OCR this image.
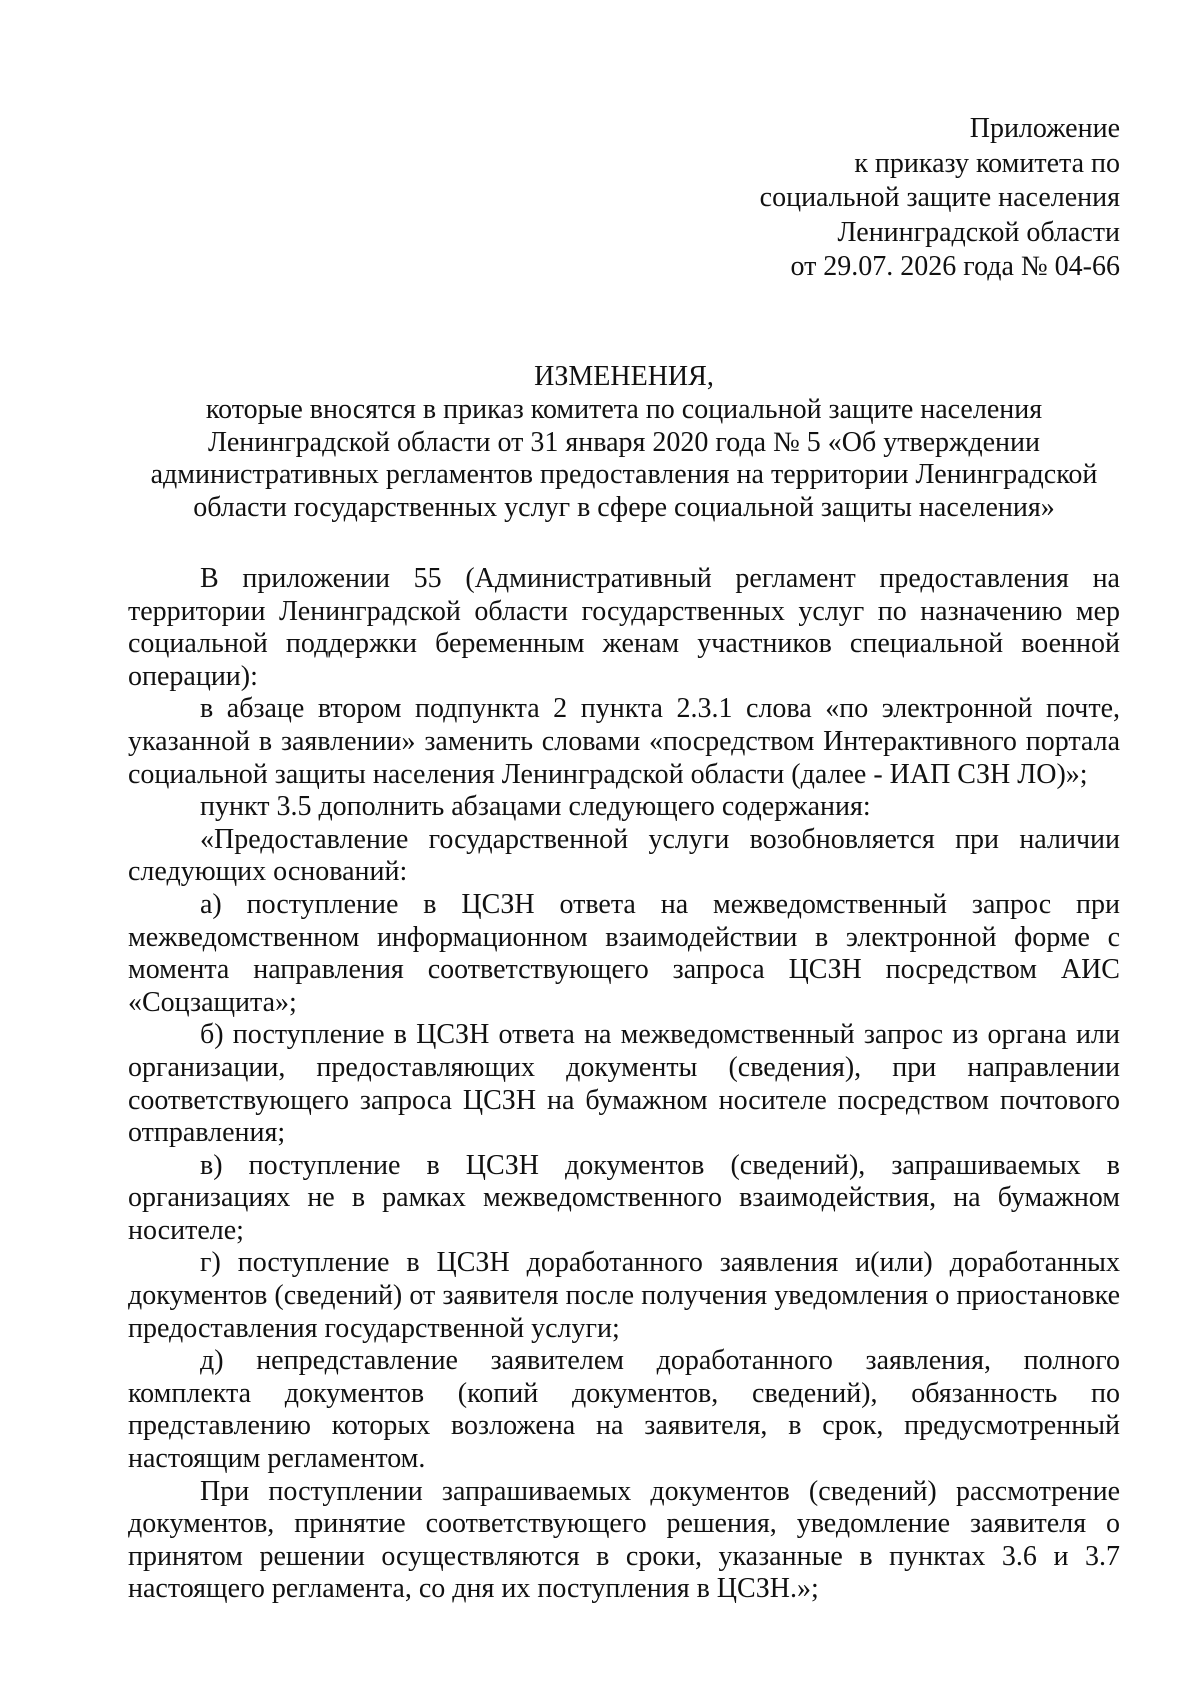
Приложение
к приказу комитета по
социальной защите населения
Ленинградской области
от 29.07. 2026 года № 04-66
ИЗМЕНЕНИЯ,
которые вносятся в приказ комитета по социальной защите населения
Ленинградской области от 31 января 2020 года № 5 «Об утверждении
административных регламентов предоставления на территории Ленинградской
области государственных услуг в сфере социальной защиты населения»

В приложении 55 (Административный регламент предоставления на территории Ленинградской области государственных услуг по назначению мер социальной поддержки беременным женам участников специальной военной операции):

в абзаце втором подпункта 2 пункта 2.3.1 слова «по электронной почте, указанной в заявлении» заменить словами «посредством Интерактивного портала социальной защиты населения Ленинградской области (далее - ИАП СЗН ЛО)»;

пункт 3.5 дополнить абзацами следующего содержания:

«Предоставление государственной услуги возобновляется при наличии следующих оснований:

а) поступление в ЦСЗН ответа на межведомственный запрос при межведомственном информационном взаимодействии в электронной форме с момента направления соответствующего запроса ЦСЗН посредством АИС «Соцзащита»;

б) поступление в ЦСЗН ответа на межведомственный запрос из органа или организации, предоставляющих документы (сведения), при направлении соответствующего запроса ЦСЗН на бумажном носителе посредством почтового отправления;

в) поступление в ЦСЗН документов (сведений), запрашиваемых в организациях не в рамках межведомственного взаимодействия, на бумажном носителе;

г) поступление в ЦСЗН доработанного заявления и(или) доработанных документов (сведений) от заявителя после получения уведомления о приостановке предоставления государственной услуги;

д) непредставление заявителем доработанного заявления, полного комплекта документов (копий документов, сведений), обязанность по представлению которых возложена на заявителя, в срок, предусмотренный настоящим регламентом.

При поступлении запрашиваемых документов (сведений) рассмотрение документов, принятие соответствующего решения, уведомление заявителя о принятом решении осуществляются в сроки, указанные в пунктах 3.6 и 3.7 настоящего регламента, со дня их поступления в ЦСЗН.»;
